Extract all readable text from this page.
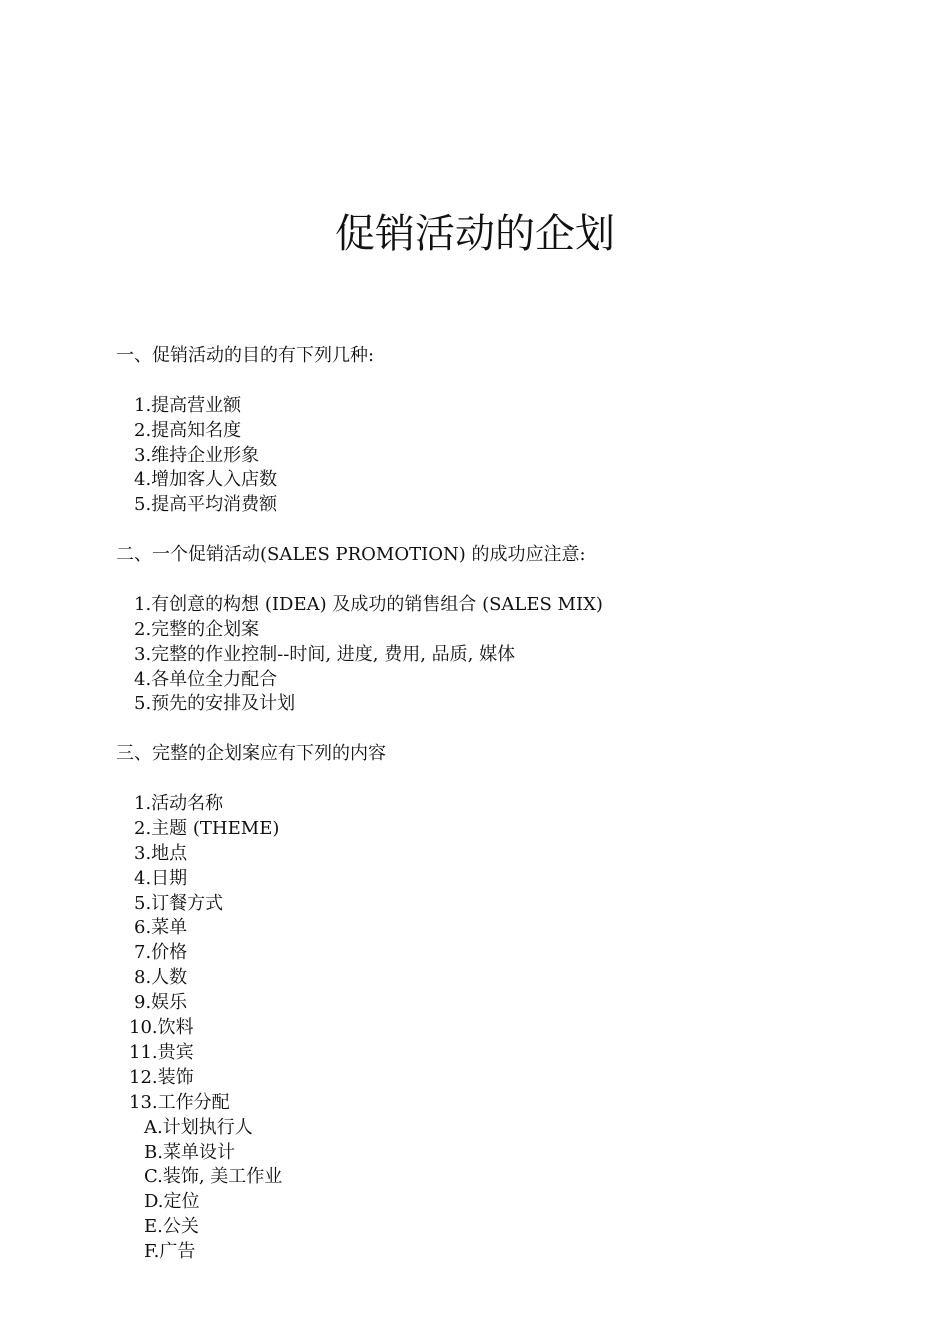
促销活动的企划

一、促销活动的目的有下列几种:

1.提高营业额
2.提高知名度
3.维持企业形象
4.增加客人入店数
5.提高平均消费额

二、一个促销活动(SALES PROMOTION) 的成功应注意:

1.有创意的构想 (IDEA) 及成功的销售组合 (SALES MIX)
2.完整的企划案
3.完整的作业控制--时间, 进度, 费用, 品质, 媒体
4.各单位全力配合
5.预先的安排及计划

三、完整的企划案应有下列的内容

1.活动名称
2.主题 (THEME)
3.地点
4.日期
5.订餐方式
6.菜单
7.价格
8.人数
9.娱乐
10.饮料
11.贵宾
12.装饰
13.工作分配
A.计划执行人
B.菜单设计
C.装饰, 美工作业
D.定位
E.公关
F.广告
